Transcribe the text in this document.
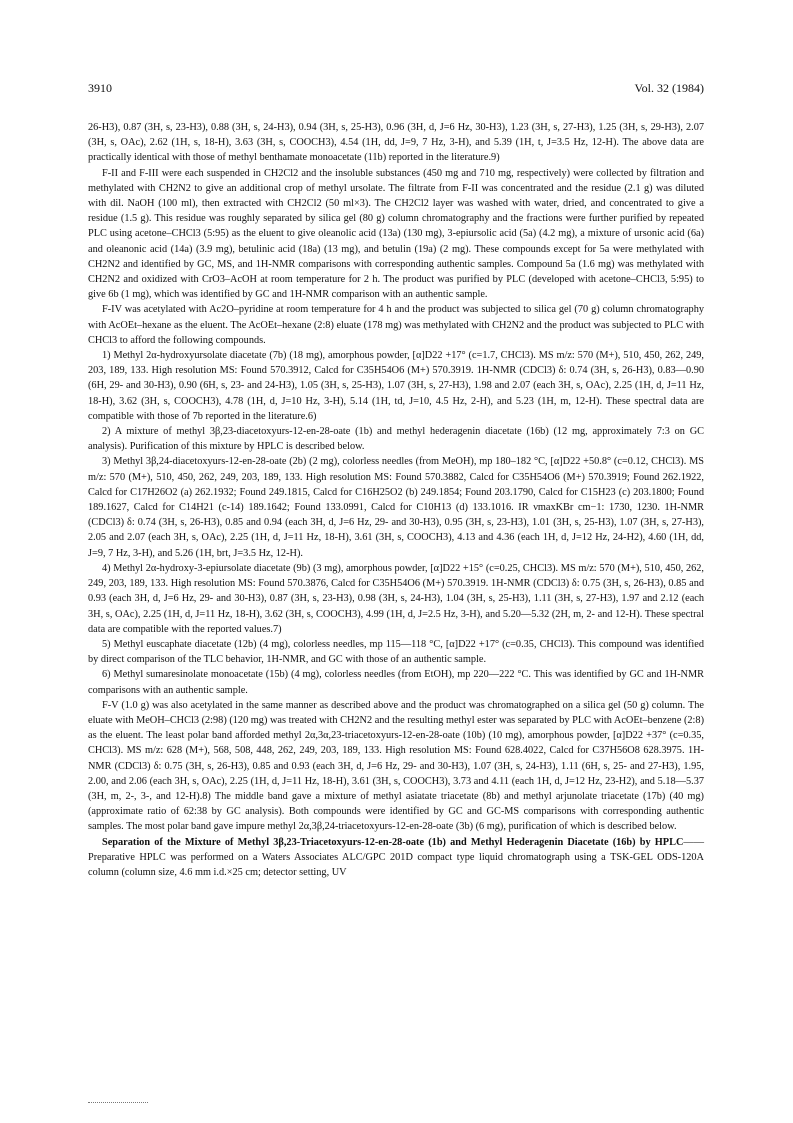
3910	Vol. 32 (1984)

26-H3), 0.87 (3H, s, 23-H3), 0.88 (3H, s, 24-H3), 0.94 (3H, s, 25-H3), 0.96 (3H, d, J=6 Hz, 30-H3), 1.23 (3H, s, 27-H3), 1.25 (3H, s, 29-H3), 2.07 (3H, s, OAc), 2.62 (1H, s, 18-H), 3.63 (3H, s, COOCH3), 4.54 (1H, dd, J=9, 7 Hz, 3-H), and 5.39 (1H, t, J=3.5 Hz, 12-H). The above data are practically identical with those of methyl benthamate monoacetate (11b) reported in the literature.9)

F-II and F-III were each suspended in CH2Cl2 and the insoluble substances (450 mg and 710 mg, respectively) were collected by filtration and methylated with CH2N2 to give an additional crop of methyl ursolate. The filtrate from F-II was concentrated and the residue (2.1 g) was diluted with dil. NaOH (100 ml), then extracted with CH2Cl2 (50 ml×3). The CH2Cl2 layer was washed with water, dried, and concentrated to give a residue (1.5 g). This residue was roughly separated by silica gel (80 g) column chromatography and the fractions were further purified by repeated PLC using acetone–CHCl3 (5:95) as the eluent to give oleanolic acid (13a) (130 mg), 3-epiursolic acid (5a) (4.2 mg), a mixture of ursonic acid (6a) and oleanonic acid (14a) (3.9 mg), betulinic acid (18a) (13 mg), and betulin (19a) (2 mg). These compounds except for 5a were methylated with CH2N2 and identified by GC, MS, and 1H-NMR comparisons with corresponding authentic samples. Compound 5a (1.6 mg) was methylated with CH2N2 and oxidized with CrO3–AcOH at room temperature for 2 h. The product was purified by PLC (developed with acetone–CHCl3, 5:95) to give 6b (1 mg), which was identified by GC and 1H-NMR comparison with an authentic sample.

F-IV was acetylated with Ac2O–pyridine at room temperature for 4 h and the product was subjected to silica gel (70 g) column chromatography with AcOEt–hexane as the eluent. The AcOEt–hexane (2:8) eluate (178 mg) was methylated with CH2N2 and the product was subjected to PLC with CHCl3 to afford the following compounds.

1) Methyl 2α-hydroxyursolate diacetate (7b) (18 mg), amorphous powder, [α]D22 +17° (c=1.7, CHCl3). MS m/z: 570 (M+), 510, 450, 262, 249, 203, 189, 133. High resolution MS: Found 570.3912, Calcd for C35H54O6 (M+) 570.3919. 1H-NMR (CDCl3) δ: 0.74 (3H, s, 26-H3), 0.83—0.90 (6H, 29- and 30-H3), 0.90 (6H, s, 23- and 24-H3), 1.05 (3H, s, 25-H3), 1.07 (3H, s, 27-H3), 1.98 and 2.07 (each 3H, s, OAc), 2.25 (1H, d, J=11 Hz, 18-H), 3.62 (3H, s, COOCH3), 4.78 (1H, d, J=10 Hz, 3-H), 5.14 (1H, td, J=10, 4.5 Hz, 2-H), and 5.23 (1H, m, 12-H). These spectral data are compatible with those of 7b reported in the literature.6)

2) A mixture of methyl 3β,23-diacetoxyurs-12-en-28-oate (1b) and methyl hederagenin diacetate (16b) (12 mg, approximately 7:3 on GC analysis). Purification of this mixture by HPLC is described below.

3) Methyl 3β,24-diacetoxyurs-12-en-28-oate (2b) (2 mg), colorless needles (from MeOH), mp 180–182 °C, [α]D22 +50.8° (c=0.12, CHCl3). MS m/z: 570 (M+), 510, 450, 262, 249, 203, 189, 133. High resolution MS: Found 570.3882, Calcd for C35H54O6 (M+) 570.3919; Found 262.1922, Calcd for C17H26O2 (a) 262.1932; Found 249.1815, Calcd for C16H25O2 (b) 249.1854; Found 203.1790, Calcd for C15H23 (c) 203.1800; Found 189.1627, Calcd for C14H21 (c-14) 189.1642; Found 133.0991, Calcd for C10H13 (d) 133.1016. IR νmaxKBr cm−1: 1730, 1230. 1H-NMR (CDCl3) δ: 0.74 (3H, s, 26-H3), 0.85 and 0.94 (each 3H, d, J=6 Hz, 29- and 30-H3), 0.95 (3H, s, 23-H3), 1.01 (3H, s, 25-H3), 1.07 (3H, s, 27-H3), 2.05 and 2.07 (each 3H, s, OAc), 2.25 (1H, d, J=11 Hz, 18-H), 3.61 (3H, s, COOCH3), 4.13 and 4.36 (each 1H, d, J=12 Hz, 24-H2), 4.60 (1H, dd, J=9, 7 Hz, 3-H), and 5.26 (1H, brt, J=3.5 Hz, 12-H).

4) Methyl 2α-hydroxy-3-epiursolate diacetate (9b) (3 mg), amorphous powder, [α]D22 +15° (c=0.25, CHCl3). MS m/z: 570 (M+), 510, 450, 262, 249, 203, 189, 133. High resolution MS: Found 570.3876, Calcd for C35H54O6 (M+) 570.3919. 1H-NMR (CDCl3) δ: 0.75 (3H, s, 26-H3), 0.85 and 0.93 (each 3H, d, J=6 Hz, 29- and 30-H3), 0.87 (3H, s, 23-H3), 0.98 (3H, s, 24-H3), 1.04 (3H, s, 25-H3), 1.11 (3H, s, 27-H3), 1.97 and 2.12 (each 3H, s, OAc), 2.25 (1H, d, J=11 Hz, 18-H), 3.62 (3H, s, COOCH3), 4.99 (1H, d, J=2.5 Hz, 3-H), and 5.20—5.32 (2H, m, 2- and 12-H). These spectral data are compatible with the reported values.7)

5) Methyl euscaphate diacetate (12b) (4 mg), colorless needles, mp 115—118 °C, [α]D22 +17° (c=0.35, CHCl3). This compound was identified by direct comparison of the TLC behavior, 1H-NMR, and GC with those of an authentic sample.

6) Methyl sumaresinolate monoacetate (15b) (4 mg), colorless needles (from EtOH), mp 220—222 °C. This was identified by GC and 1H-NMR comparisons with an authentic sample.

F-V (1.0 g) was also acetylated in the same manner as described above and the product was chromatographed on a silica gel (50 g) column. The eluate with MeOH–CHCl3 (2:98) (120 mg) was treated with CH2N2 and the resulting methyl ester was separated by PLC with AcOEt–benzene (2:8) as the eluent. The least polar band afforded methyl 2α,3α,23-triacetoxyurs-12-en-28-oate (10b) (10 mg), amorphous powder, [α]D22 +37° (c=0.35, CHCl3). MS m/z: 628 (M+), 568, 508, 448, 262, 249, 203, 189, 133. High resolution MS: Found 628.4022, Calcd for C37H56O8 628.3975. 1H-NMR (CDCl3) δ: 0.75 (3H, s, 26-H3), 0.85 and 0.93 (each 3H, d, J=6 Hz, 29- and 30-H3), 1.07 (3H, s, 24-H3), 1.11 (6H, s, 25- and 27-H3), 1.95, 2.00, and 2.06 (each 3H, s, OAc), 2.25 (1H, d, J=11 Hz, 18-H), 3.61 (3H, s, COOCH3), 3.73 and 4.11 (each 1H, d, J=12 Hz, 23-H2), and 5.18—5.37 (3H, m, 2-, 3-, and 12-H).8) The middle band gave a mixture of methyl asiatate triacetate (8b) and methyl arjunolate triacetate (17b) (40 mg) (approximate ratio of 62:38 by GC analysis). Both compounds were identified by GC and GC-MS comparisons with corresponding authentic samples. The most polar band gave impure methyl 2α,3β,24-triacetoxyurs-12-en-28-oate (3b) (6 mg), purification of which is described below.

Separation of the Mixture of Methyl 3β,23-Triacetoxyurs-12-en-28-oate (1b) and Methyl Hederagenin Diacetate (16b) by HPLC——Preparative HPLC was performed on a Waters Associates ALC/GPC 201D compact type liquid chromatograph using a TSK-GEL ODS-120A column (column size, 4.6 mm i.d.×25 cm; detector setting, UV
